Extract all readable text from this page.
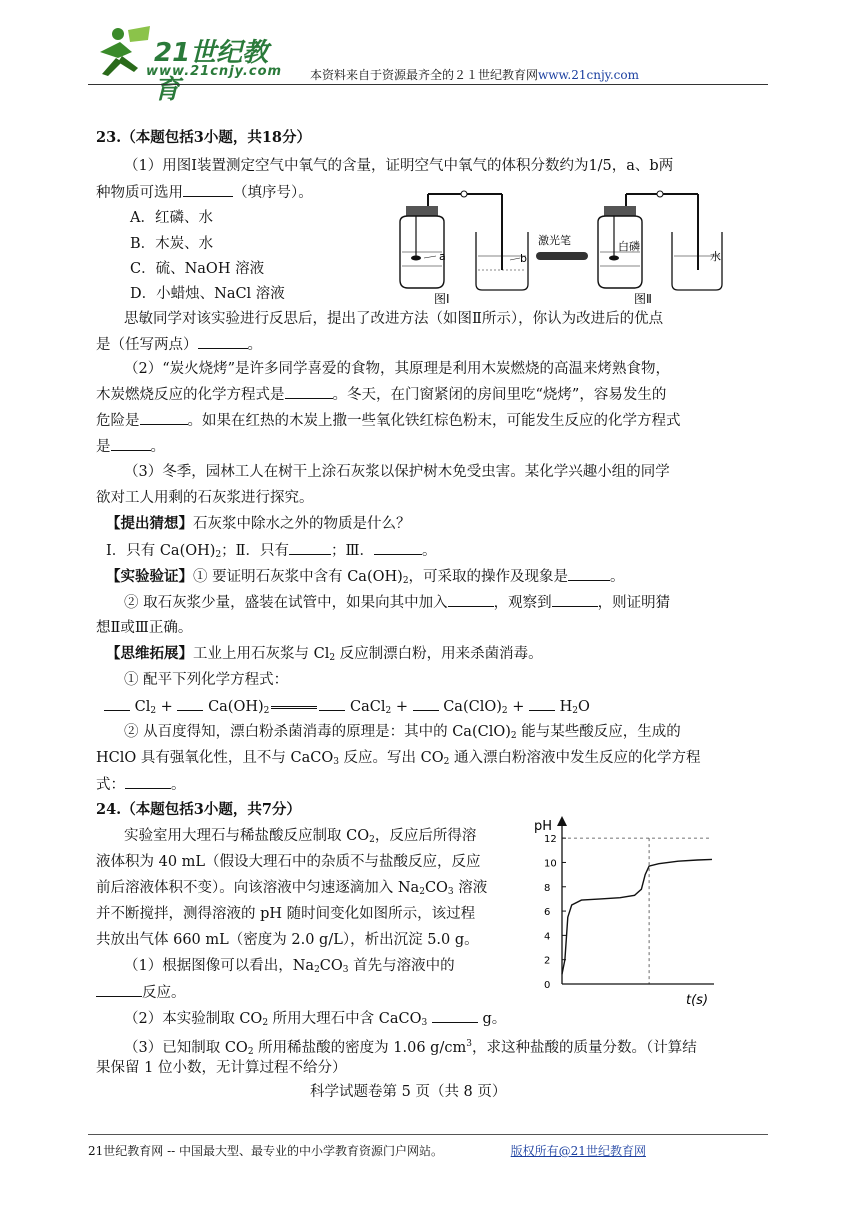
21世纪教育
www.21cnjy.com 本资料来自于资源最齐全的２１世纪教育网www.21cnjy.com
23.（本题包括3小题，共18分）
（1）用图Ⅰ装置测定空气中氧气的含量，证明空气中氧气的体积分数约为1/5，a、b两
种物质可选用	（填序号）。
A．红磷、水
B．木炭、水
C．硫、NaOH 溶液
D．小蜡烛、NaCl 溶液
a	b
图Ⅰ
激光笔	白磷
水
图Ⅱ
思敏同学对该实验进行反思后，提出了改进方法（如图Ⅱ所示），你认为改进后的优点
是（任写两点）	。
（2）“炭火烧烤”是许多同学喜爱的食物，其原理是利用木炭燃烧的高温来烤熟食物，
木炭燃烧反应的化学方程式是	。冬天，在门窗紧闭的房间里吃“烧烤”，容易发生的
危险是	。如果在红热的木炭上撒一些氧化铁红棕色粉末，可能发生反应的化学方程式
是	。
（3）冬季，园林工人在树干上涂石灰浆以保护树木免受虫害。某化学兴趣小组的同学
欲对工人用剩的石灰浆进行探究。
【提出猜想】石灰浆中除水之外的物质是什么？
Ⅰ．只有 $Ca(OH)_2$；Ⅱ．只有	；Ⅲ．	。
【实验验证】① 要证明石灰浆中含有 $Ca(OH)_2$，可采取的操作及现象是	。
② 取石灰浆少量，盛装在试管中，如果向其中加入	，观察到	，则证明猜
想Ⅱ或Ⅲ正确。
【思维拓展】工业上用石灰浆与 $Cl_2$ 反应制漂白粉，用来杀菌消毒。
① 配平下列化学方程式：
$Cl_2 + Ca(OH)_2$	CaCl$_2$ +  $Ca(ClO)_2 + H_2O$
② 从百度得知，漂白粉杀菌消毒的原理是：其中的 $Ca(ClO)_2$ 能与某些酸反应，生成的
HClO 具有强氧化性，且不与 CaCO$_3$ 反应。写出 $CO_2$ 通入漂白粉溶液中发生反应的化学方程
式：	。
24.（本题包括3小题，共7分）
实验室用大理石与稀盐酸反应制取 $CO_2$，反应后所得溶
液体积为 40 mL（假设大理石中的杂质不与盐酸反应，反应
前后溶液体积不变）。向该溶液中匀速逐滴加入 $Na_2CO_3$ 溶液
并不断搅拌，测得溶液的 pH 随时间变化如图所示，该过程
共放出气体 660 mL（密度为 2.0 g/L），析出沉淀 5.0 g。
（1）根据图像可以看出，$Na_2CO_3$ 首先与溶液中的
反应。
（2）本实验制取 $CO_2$ 所用大理石中含 CaCO$_3$	g。
（3）已知制取 $CO_2$ 所用稀盐酸的密度为 1.06 $g/cm^3$，求这种盐酸的质量分数。（计算结
果保留 1 位小数，无计算过程不给分）
pH
t(s)
0
2
4
6
8
10
12
科学试题卷第 5 页（共 8 页）
21世纪教育网 -- 中国最大型、最专业的中小学教育资源门户网站。	版权所有@21世纪教育网
